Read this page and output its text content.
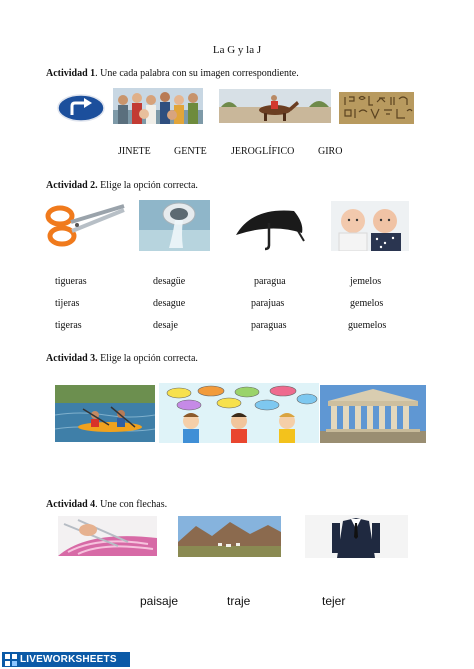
La G y la J
Actividad 1. Une cada palabra con su imagen correspondiente.
JINETE GENTE JEROGLÍFICO GIRO
Actividad 2. Elige la opción correcta.
tigueras	desagüe	paragua	jemelos
tijeras	desague	parajuas	gemelos
tigeras	desaje	paraguas	guemelos
Actividad 3. Elige la opción correcta.
Actividad 4. Une con flechas.
paisaje	traje	tejer
LIVEWORKSHEETS
